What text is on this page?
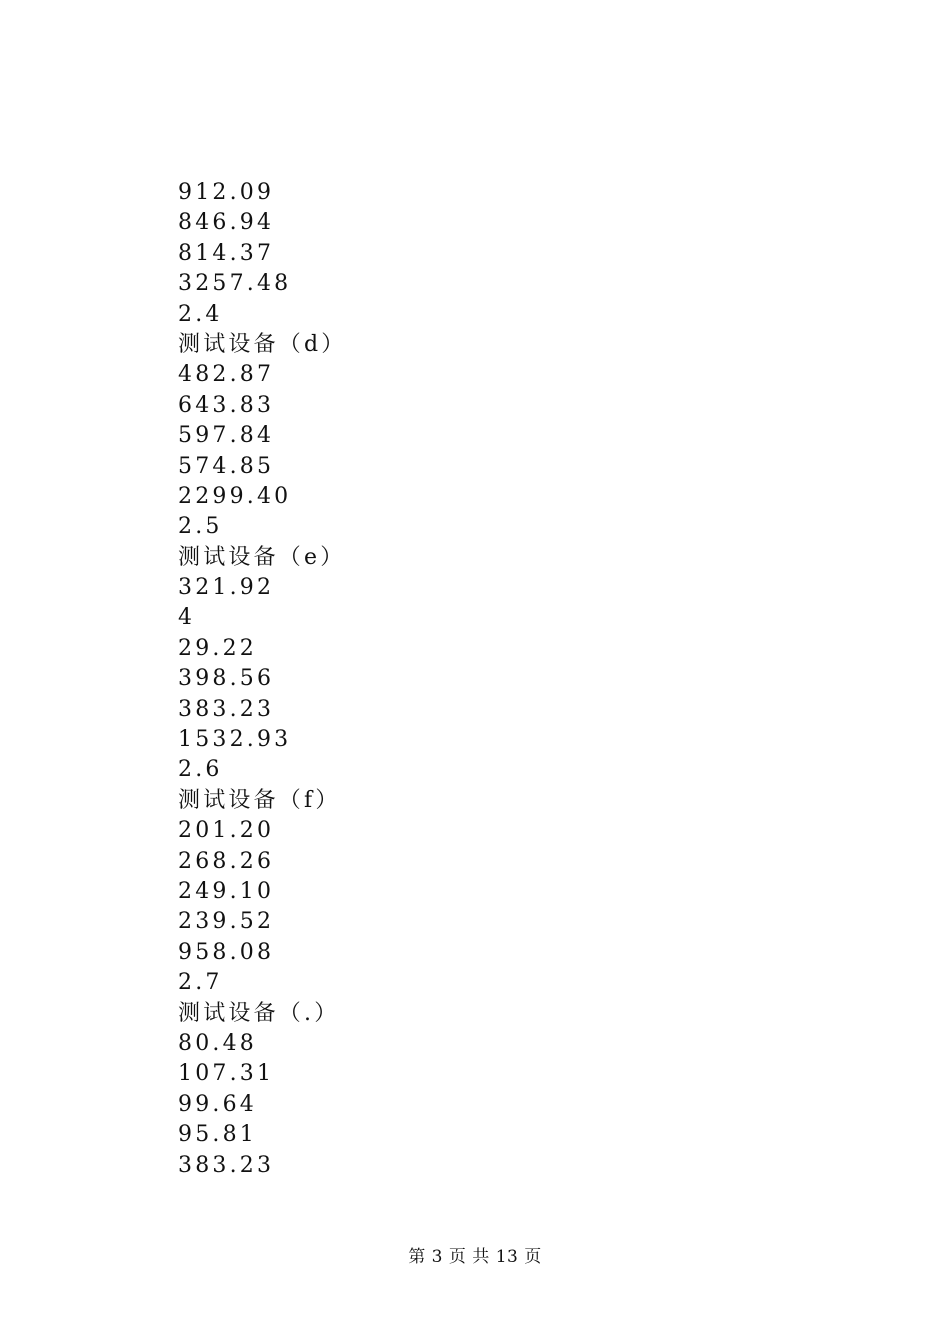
912.09
846.94
814.37
3257.48
2.4
测试设备（d）
482.87
643.83
597.84
574.85
2299.40
2.5
测试设备（e）
321.92
4
29.22
398.56
383.23
1532.93
2.6
测试设备（f）
201.20
268.26
249.10
239.52
958.08
2.7
测试设备（.）
80.48
107.31
99.64
95.81
383.23
第 3 页 共 13 页
